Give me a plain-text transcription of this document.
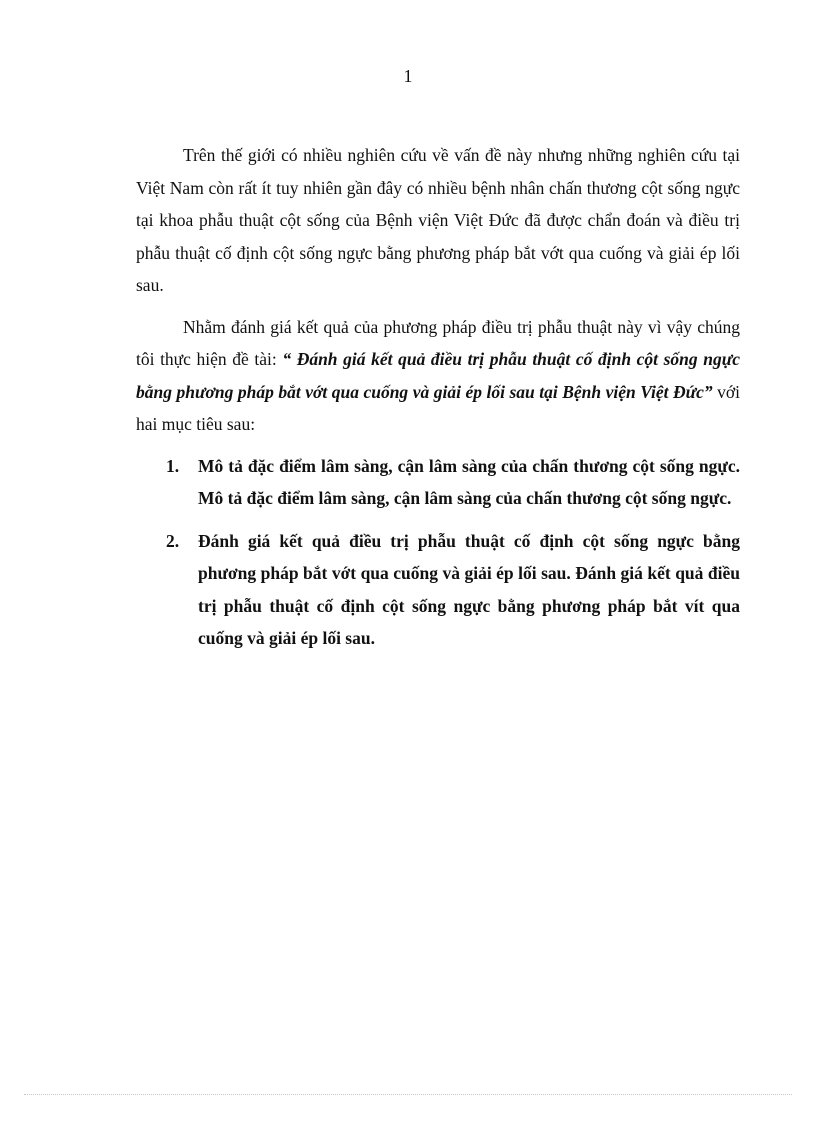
1

Trên thế giới có nhiều nghiên cứu về vấn đề này nhưng những nghiên cứu tại Việt Nam còn rất ít tuy nhiên gần đây có nhiều bệnh nhân chấn thương cột sống ngực tại khoa phẫu thuật cột sống của Bệnh viện Việt Đức đã được chẩn đoán và điều trị phẫu thuật cố định cột sống ngực bằng phương pháp bắt vớt qua cuống và giải ép lối sau.

Nhằm đánh giá kết quả của phương pháp điều trị phẫu thuật này vì vậy chúng tôi thực hiện đề tài: “ Đánh giá kết quả điều trị phẫu thuật cố định cột sống ngực bằng phương pháp bắt vớt qua cuống và giải ép lối sau tại Bệnh viện Việt Đức” với hai mục tiêu sau:

1. Mô tả đặc điểm lâm sàng, cận lâm sàng của chấn thương cột sống ngực. Mô tả đặc điểm lâm sàng, cận lâm sàng của chấn thương cột sống ngực.
2. Đánh giá kết quả điều trị phẫu thuật cố định cột sống ngực bằng phương pháp bắt vớt qua cuống và giải ép lối sau. Đánh giá kết quả điều trị phẫu thuật cố định cột sống ngực bằng phương pháp bắt vít qua cuống và giải ép lối sau.
